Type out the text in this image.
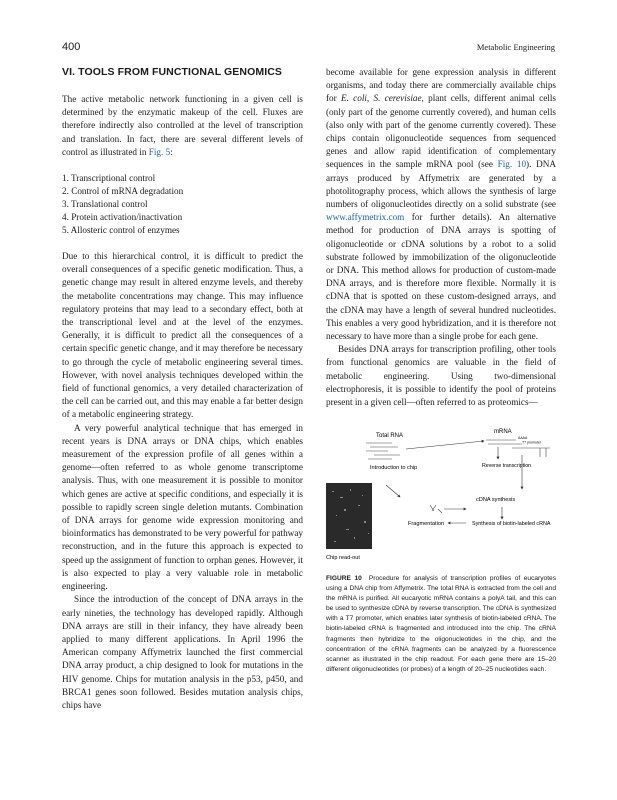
400	Metabolic Engineering
VI. TOOLS FROM FUNCTIONAL GENOMICS

The active metabolic network functioning in a given cell is determined by the enzymatic makeup of the cell. Fluxes are therefore indirectly also controlled at the level of transcription and translation. In fact, there are several different levels of control as illustrated in Fig. 5:

1. Transcriptional control
2. Control of mRNA degradation
3. Translational control
4. Protein activation/inactivation
5. Allosteric control of enzymes

Due to this hierarchical control, it is difficult to predict the overall consequences of a specific genetic modification. Thus, a genetic change may result in altered enzyme levels, and thereby the metabolite concentrations may change. This may influence regulatory proteins that may lead to a secondary effect, both at the transcriptional level and at the level of the enzymes. Generally, it is difficult to predict all the consequences of a certain specific genetic change, and it may therefore be necessary to go through the cycle of metabolic engineering several times. However, with novel analysis techniques developed within the field of functional genomics, a very detailed characterization of the cell can be carried out, and this may enable a far better design of a metabolic engineering strategy.

A very powerful analytical technique that has emerged in recent years is DNA arrays or DNA chips, which enables measurement of the expression profile of all genes within a genome—often referred to as whole genome transcriptome analysis. Thus, with one measurement it is possible to monitor which genes are active at specific conditions, and especially it is possible to rapidly screen single deletion mutants. Combination of DNA arrays for genome wide expression monitoring and bioinformatics has demonstrated to be very powerful for pathway reconstruction, and in the future this approach is expected to speed up the assignment of function to orphan genes. However, it is also expected to play a very valuable role in metabolic engineering.

Since the introduction of the concept of DNA arrays in the early nineties, the technology has developed rapidly. Although DNA arrays are still in their infancy, they have already been applied to many different applications. In April 1996 the American company Affymetrix launched the first commercial DNA array product, a chip designed to look for mutations in the HIV genome. Chips for mutation analysis in the p53, p450, and BRCA1 genes soon followed. Besides mutation analysis chips, chips have

become available for gene expression analysis in different organisms, and today there are commercially available chips for E. coli, S. cerevisiae, plant cells, different animal cells (only part of the genome currently covered), and human cells (also only with part of the genome currently covered). These chips contain oligonucleotide sequences from sequenced genes and allow rapid identification of complementary sequences in the sample mRNA pool (see Fig. 10). DNA arrays produced by Affymetrix are generated by a photolitography process, which allows the synthesis of large numbers of oligonucleotides directly on a solid substrate (see www.affymetrix.com for further details). An alternative method for production of DNA arrays is spotting of oligonucleotide or cDNA solutions by a robot to a solid substrate followed by immobilization of the oligonucleotide or DNA. This method allows for production of custom-made DNA arrays, and is therefore more flexible. Normally it is cDNA that is spotted on these custom-designed arrays, and the cDNA may have a length of several hundred nucleotides. This enables a very good hybridization, and it is therefore not necessary to have more than a single probe for each gene.

Besides DNA arrays for transcription profiling, other tools from functional genomics are valuable in the field of metabolic engineering. Using two-dimensional electrophoresis, it is possible to identify the pool of proteins present in a given cell—often referred to as proteomics—

Total RNA
mRNA
AAAA
T7 promoter
Reverse transcription
Introduction to chip
cDNA synthesis
Fragmentation	Synthesis of biotin-labeled cRNA
Chip read-out
FIGURE 10 Procedure for analysis of transcription profiles of eucaryotes using a DNA chip from Affymetrix. The total RNA is extracted from the cell and the mRNA is purified. All eucaryotic mRNA contains a polyA tail, and this can be used to synthesize cDNA by reverse transcription. The cDNA is synthesized with a T7 promoter, which enables later synthesis of biotin-labeled cRNA. The biotin-labeled cRNA is fragmented and introduced into the chip. The cRNA fragments then hybridize to the oligonucleotides in the chip, and the concentration of the cRNA fragments can be analyzed by a fluorescence scanner as illustrated in the chip readout. For each gene there are 15–20 different oligonucleotides (or probes) of a length of 20–25 nucleotides each.
